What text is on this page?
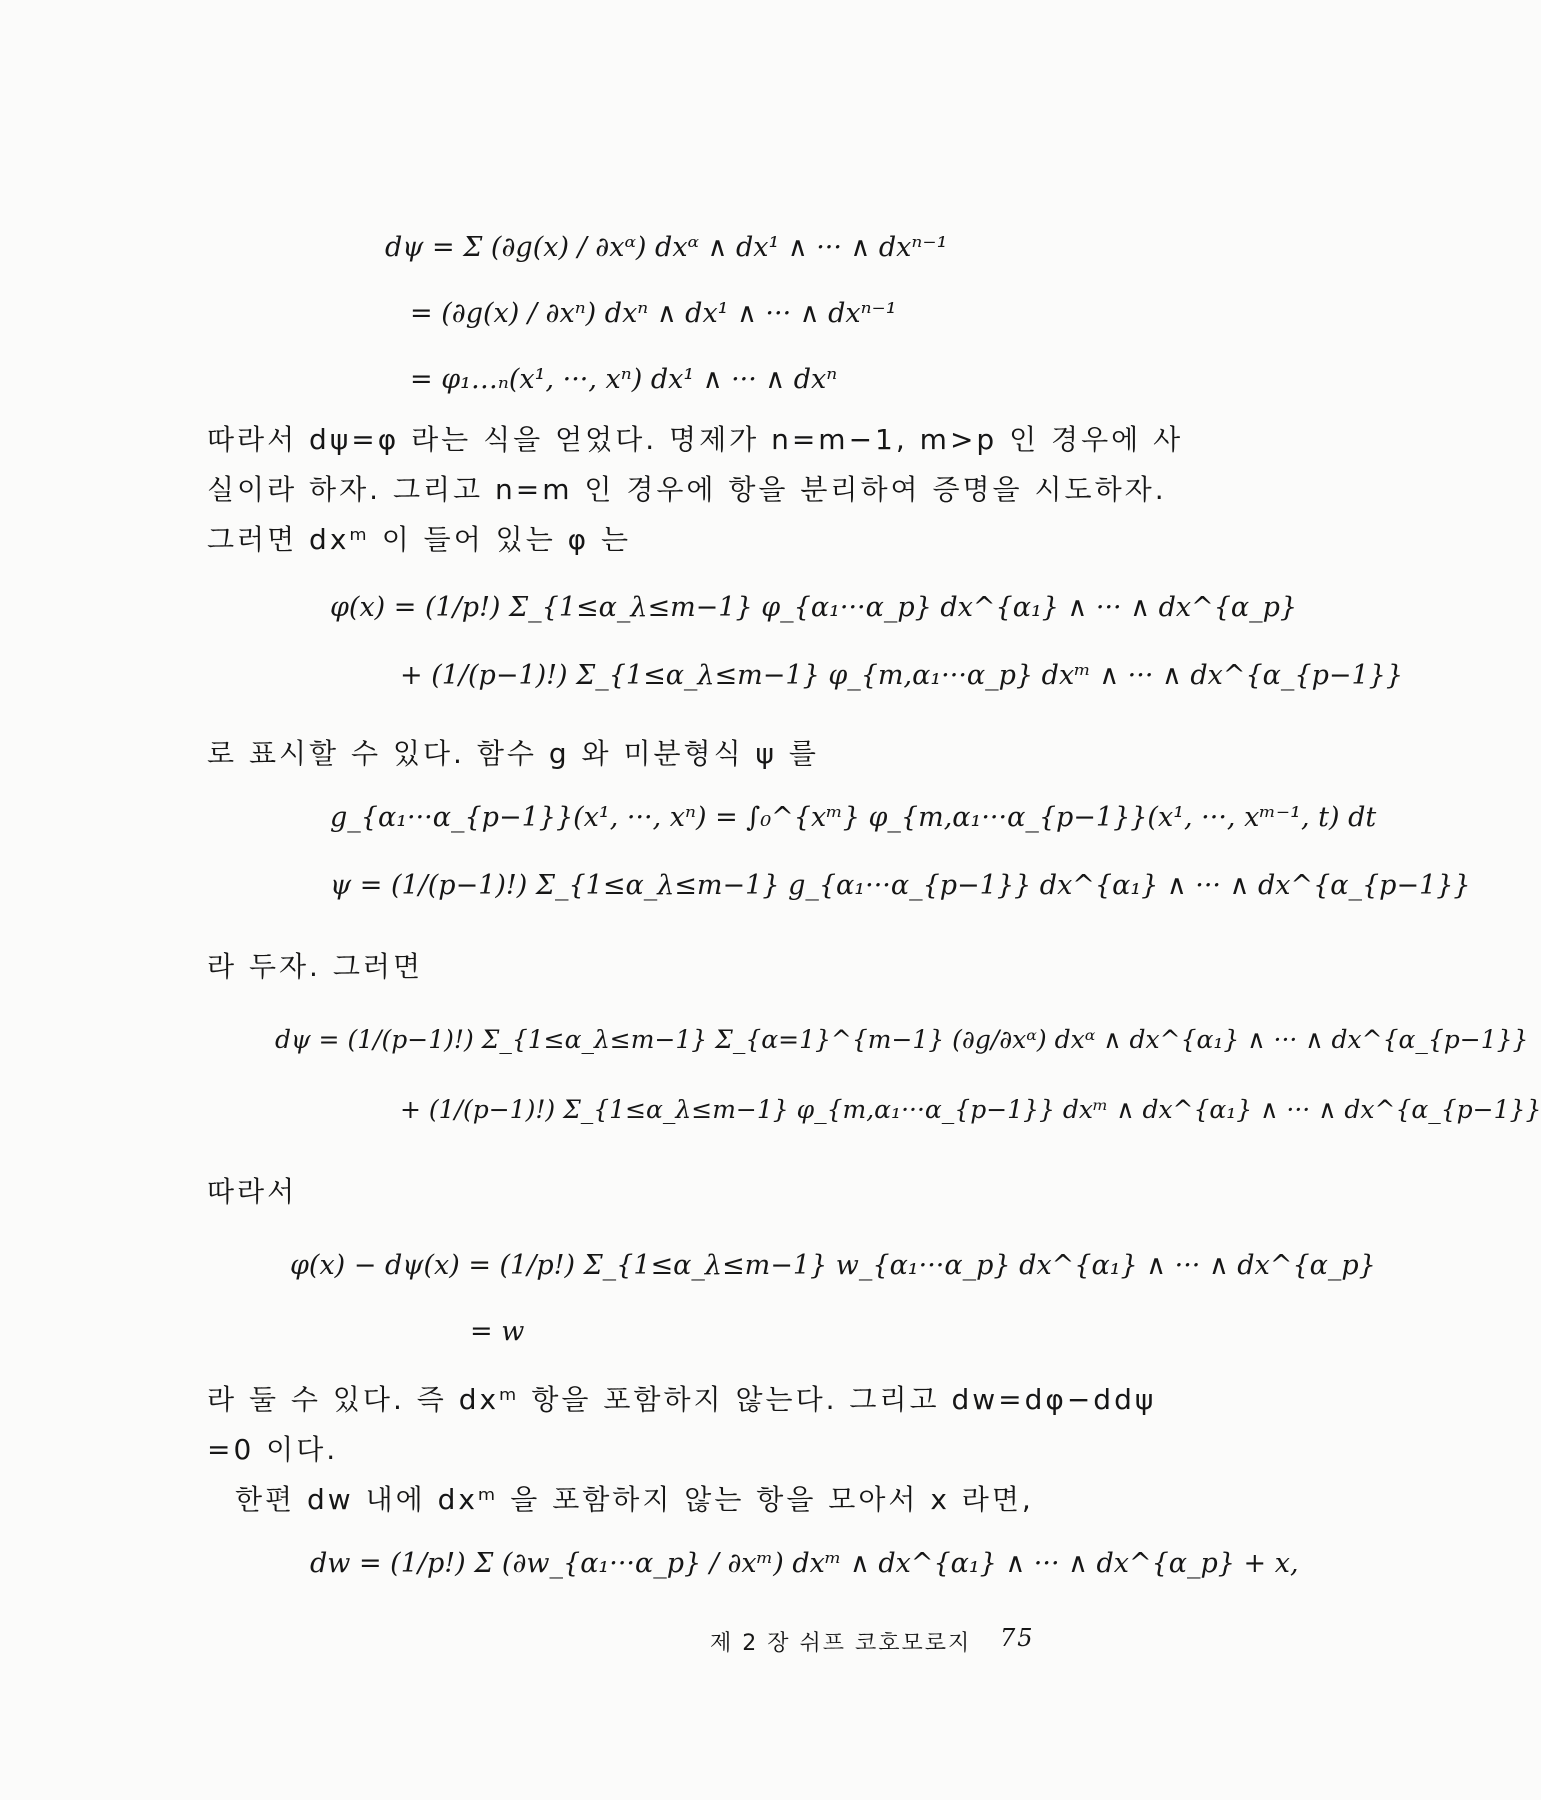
dψ = Σ (∂g(x) / ∂xᵅ) dxᵅ ∧ dx¹ ∧ ··· ∧ dxⁿ⁻¹
= (∂g(x) / ∂xⁿ) dxⁿ ∧ dx¹ ∧ ··· ∧ dxⁿ⁻¹
= φ₁…ₙ(x¹, ···, xⁿ) dx¹ ∧ ··· ∧ dxⁿ
따라서 dψ=φ 라는 식을 얻었다. 명제가 n=m−1, m>p 인 경우에 사
실이라 하자. 그리고 n=m 인 경우에 항을 분리하여 증명을 시도하자.
그러면 dxᵐ 이 들어 있는 φ 는
φ(x) = (1/p!) Σ_{1≤α_λ≤m−1} φ_{α₁···α_p} dx^{α₁} ∧ ··· ∧ dx^{α_p}
+ (1/(p−1)!) Σ_{1≤α_λ≤m−1} φ_{m,α₁···α_p} dxᵐ ∧ ··· ∧ dx^{α_{p−1}}
로 표시할 수 있다. 함수 g 와 미분형식 ψ 를
g_{α₁···α_{p−1}}(x¹, ···, xⁿ) = ∫₀^{xᵐ} φ_{m,α₁···α_{p−1}}(x¹, ···, xᵐ⁻¹, t) dt
ψ = (1/(p−1)!) Σ_{1≤α_λ≤m−1} g_{α₁···α_{p−1}} dx^{α₁} ∧ ··· ∧ dx^{α_{p−1}}
라 두자. 그러면
dψ = (1/(p−1)!) Σ_{1≤α_λ≤m−1} Σ_{α=1}^{m−1} (∂g/∂xᵅ) dxᵅ ∧ dx^{α₁} ∧ ··· ∧ dx^{α_{p−1}}
+ (1/(p−1)!) Σ_{1≤α_λ≤m−1} φ_{m,α₁···α_{p−1}} dxᵐ ∧ dx^{α₁} ∧ ··· ∧ dx^{α_{p−1}}
따라서
φ(x) − dψ(x) = (1/p!) Σ_{1≤α_λ≤m−1} w_{α₁···α_p} dx^{α₁} ∧ ··· ∧ dx^{α_p}
= w
라 둘 수 있다. 즉 dxᵐ 항을 포함하지 않는다. 그리고 dw=dφ−ddψ
=0 이다.
한편 dw 내에 dxᵐ 을 포함하지 않는 항을 모아서 x 라면,
dw = (1/p!) Σ (∂w_{α₁···α_p} / ∂xᵐ) dxᵐ ∧ dx^{α₁} ∧ ··· ∧ dx^{α_p} + x,
제 2 장 쉬프 코호모로지 75
